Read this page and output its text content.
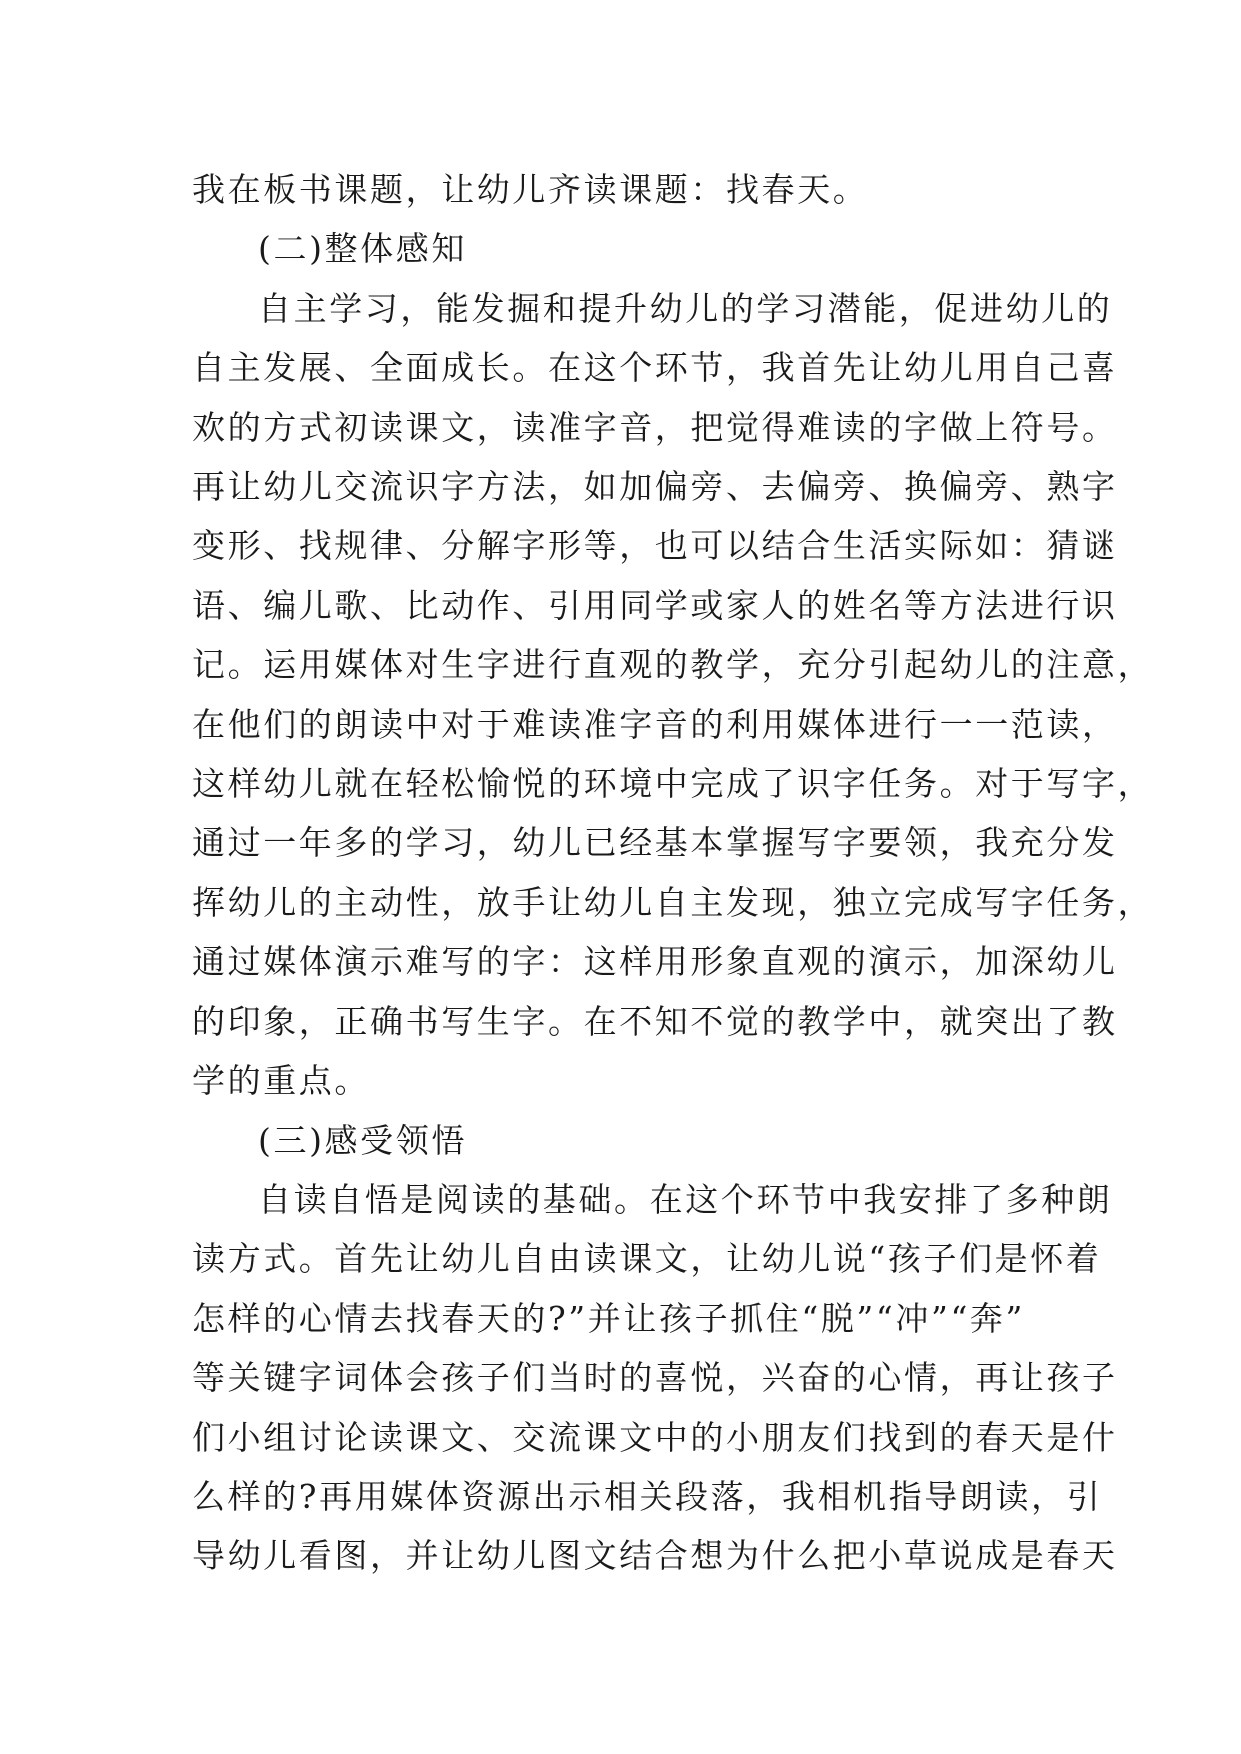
我在板书课题，让幼儿齐读课题：找春天。

(二)整体感知

自主学习，能发掘和提升幼儿的学习潜能，促进幼儿的
自主发展、全面成长。在这个环节，我首先让幼儿用自己喜
欢的方式初读课文，读准字音，把觉得难读的字做上符号。
再让幼儿交流识字方法，如加偏旁、去偏旁、换偏旁、熟字
变形、找规律、分解字形等，也可以结合生活实际如：猜谜
语、编儿歌、比动作、引用同学或家人的姓名等方法进行识
记。运用媒体对生字进行直观的教学，充分引起幼儿的注意，
在他们的朗读中对于难读准字音的利用媒体进行一一范读，
这样幼儿就在轻松愉悦的环境中完成了识字任务。对于写字，
通过一年多的学习，幼儿已经基本掌握写字要领，我充分发
挥幼儿的主动性，放手让幼儿自主发现，独立完成写字任务，
通过媒体演示难写的字：这样用形象直观的演示，加深幼儿
的印象，正确书写生字。在不知不觉的教学中，就突出了教
学的重点。

(三)感受领悟

自读自悟是阅读的基础。在这个环节中我安排了多种朗
读方式。首先让幼儿自由读课文，让幼儿说“孩子们是怀着
怎样的心情去找春天的?”并让孩子抓住“脱”“冲”“奔”
等关键字词体会孩子们当时的喜悦，兴奋的心情，再让孩子
们小组讨论读课文、交流课文中的小朋友们找到的春天是什
么样的?再用媒体资源出示相关段落，我相机指导朗读，引
导幼儿看图，并让幼儿图文结合想为什么把小草说成是春天
